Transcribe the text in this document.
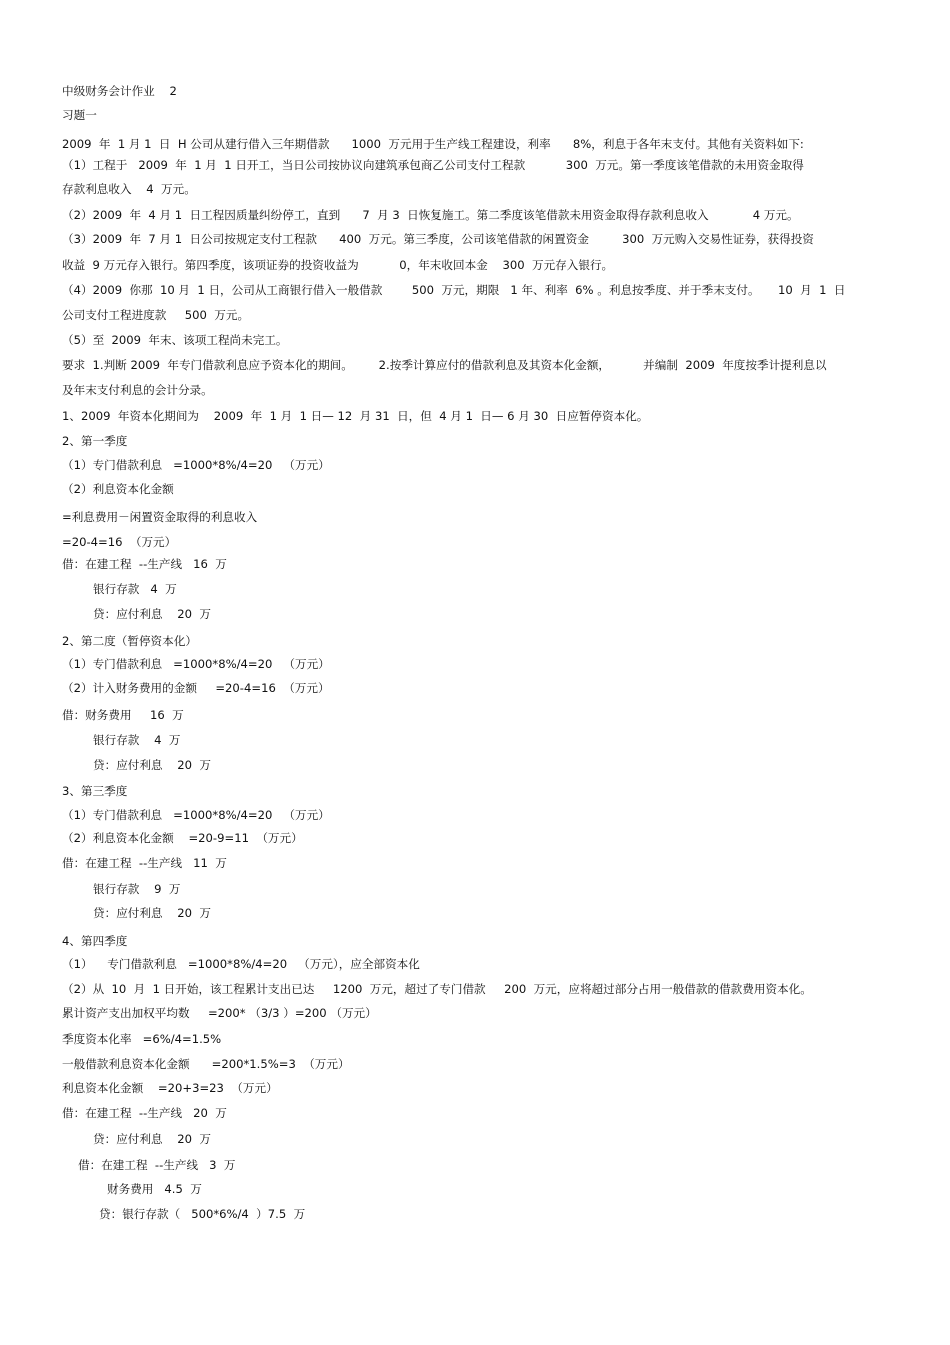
中级财务会计作业    2
习题一
2009  年  1 月 1  日  H 公司从建行借入三年期借款      1000  万元用于生产线工程建设，利率      8%，利息于各年末支付。其他有关资料如下:
（1）工程于   2009  年  1 月  1 日开工，当日公司按协议向建筑承包商乙公司支付工程款           300  万元。第一季度该笔借款的未用资金取得
存款利息收入    4  万元。
（2）2009  年  4 月 1  日工程因质量纠纷停工，直到      7  月 3  日恢复施工。第二季度该笔借款未用资金取得存款利息收入            4 万元。
（3）2009  年  7 月 1  日公司按规定支付工程款      400  万元。第三季度，公司该笔借款的闲置资金         300  万元购入交易性证券，获得投资
收益  9 万元存入银行。第四季度，该项证券的投资收益为           0，年末收回本金    300  万元存入银行。
（4）2009  你那  10 月  1 日，公司从工商银行借入一般借款        500  万元，期限   1 年、利率  6% 。利息按季度、并于季末支付。     10  月  1  日
公司支付工程进度款     500  万元。
（5）至  2009  年末、该项工程尚未完工。
要求  1.判断 2009  年专门借款利息应予资本化的期间。       2.按季计算应付的借款利息及其资本化金额，         并编制  2009  年度按季计提利息以
及年末支付利息的会计分录。
1、2009  年资本化期间为    2009  年  1 月  1 日— 12  月 31  日，但  4 月 1  日— 6 月 30  日应暂停资本化。
2、第一季度
（1）专门借款利息   =1000*8%/4=20   （万元）
（2）利息资本化金额
=利息费用－闲置资金取得的利息收入
=20-4=16  （万元）
借：在建工程  --生产线   16  万
银行存款   4  万
贷：应付利息    20  万
2、第二度（暂停资本化）
（1）专门借款利息   =1000*8%/4=20   （万元）
（2）计入财务费用的金额     =20-4=16  （万元）
借：财务费用     16  万
银行存款    4  万
贷：应付利息    20  万
3、第三季度
（1）专门借款利息   =1000*8%/4=20   （万元）
（2）利息资本化金额    =20-9=11  （万元）
借：在建工程  --生产线   11  万
银行存款    9  万
贷：应付利息    20  万
4、第四季度
（1）    专门借款利息   =1000*8%/4=20   （万元），应全部资本化
（2）从  10  月  1 日开始，该工程累计支出已达     1200  万元，超过了专门借款     200  万元，应将超过部分占用一般借款的借款费用资本化。
累计资产支出加权平均数     =200* （3/3 ）=200 （万元）
季度资本化率   =6%/4=1.5%
一般借款利息资本化金额      =200*1.5%=3  （万元）
利息资本化金额    =20+3=23  （万元）
借：在建工程  --生产线   20  万
贷：应付利息    20  万
借：在建工程  --生产线   3  万
财务费用   4.5  万
贷：银行存款（   500*6%/4  ）7.5  万
